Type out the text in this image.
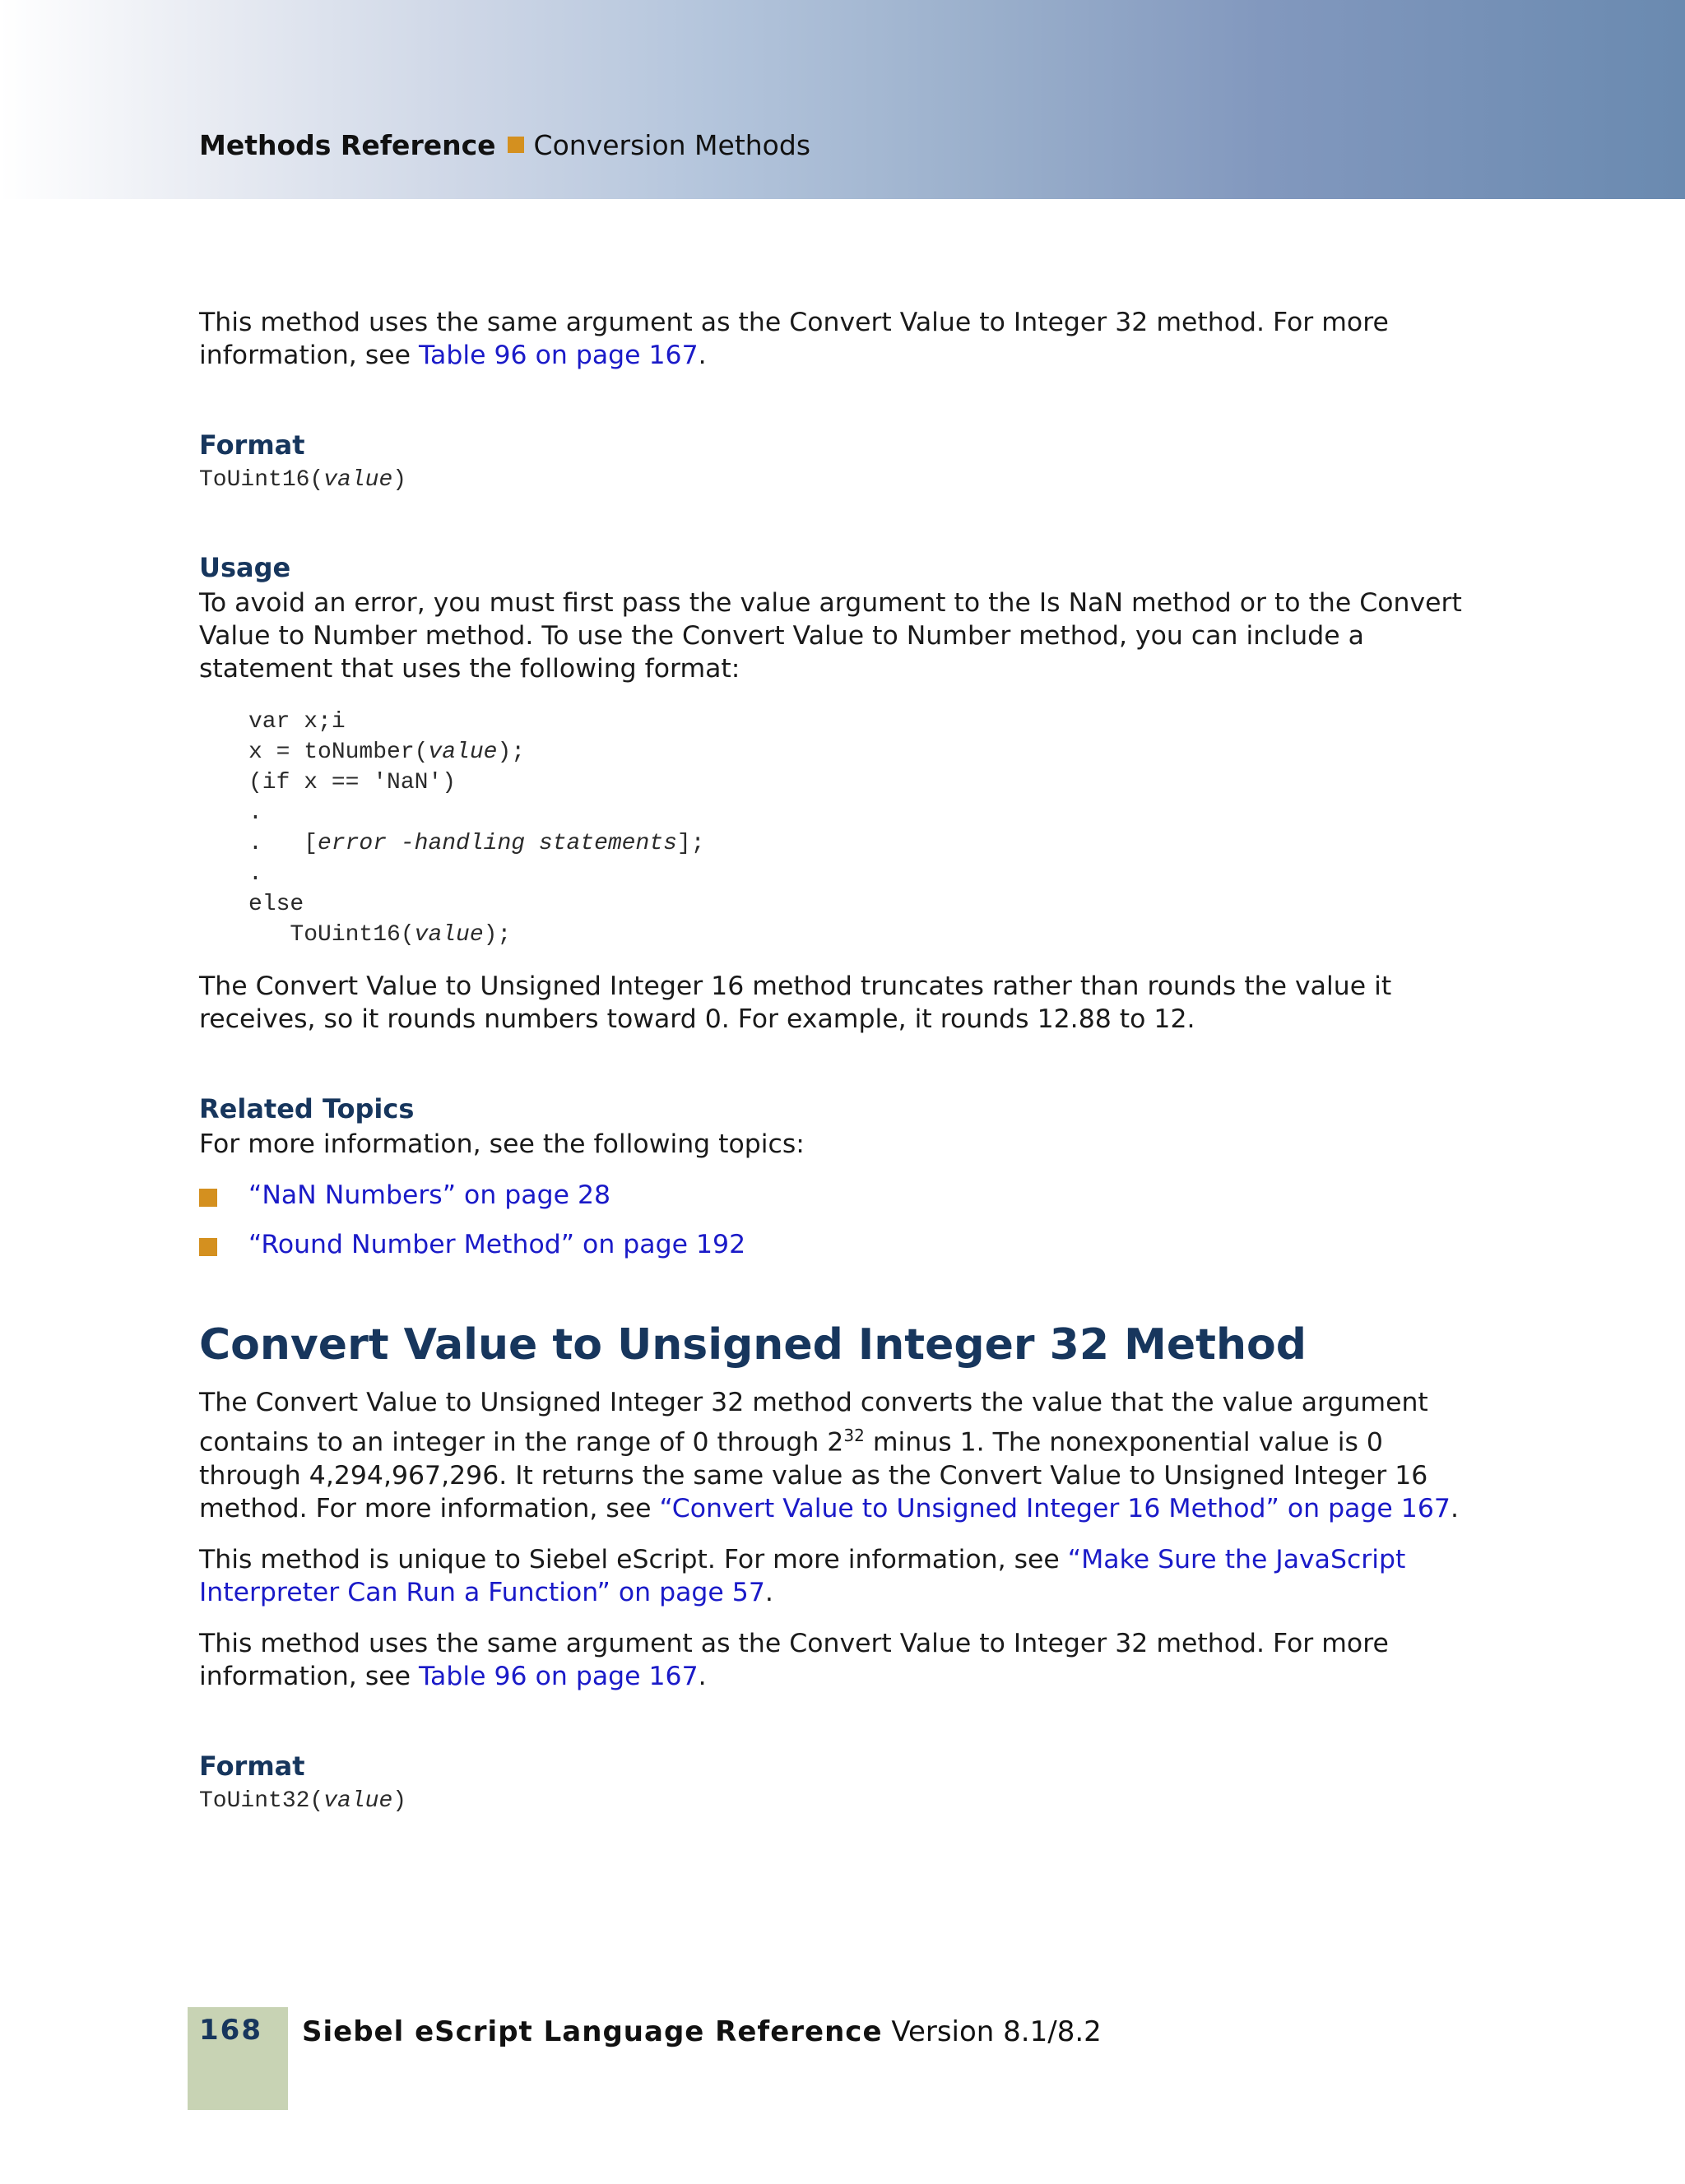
Methods Reference Conversion Methods

This method uses the same argument as the Convert Value to Integer 32 method. For more information, see Table 96 on page 167.

Format
ToUint16(value)
Usage

To avoid an error, you must first pass the value argument to the Is NaN method or to the Convert Value to Number method. To use the Convert Value to Number method, you can include a statement that uses the following format:

var x;i
x = toNumber(value);
(if x == 'NaN')
.
.   [error -handling statements];
.
else
ToUint16(value);

The Convert Value to Unsigned Integer 16 method truncates rather than rounds the value it receives, so it rounds numbers toward 0. For example, it rounds 12.88 to 12.

Related Topics

For more information, see the following topics:

“NaN Numbers” on page 28
“Round Number Method” on page 192
Convert Value to Unsigned Integer 32 Method

The Convert Value to Unsigned Integer 32 method converts the value that the value argument contains to an integer in the range of 0 through $2^{32}$ minus 1. The nonexponential value is 0 through 4,294,967,296. It returns the same value as the Convert Value to Unsigned Integer 16 method. For more information, see “Convert Value to Unsigned Integer 16 Method” on page 167.

This method is unique to Siebel eScript. For more information, see “Make Sure the JavaScript Interpreter Can Run a Function” on page 57.

This method uses the same argument as the Convert Value to Integer 32 method. For more information, see Table 96 on page 167.

Format
ToUint32(value)
168 Siebel eScript Language Reference Version 8.1/8.2
